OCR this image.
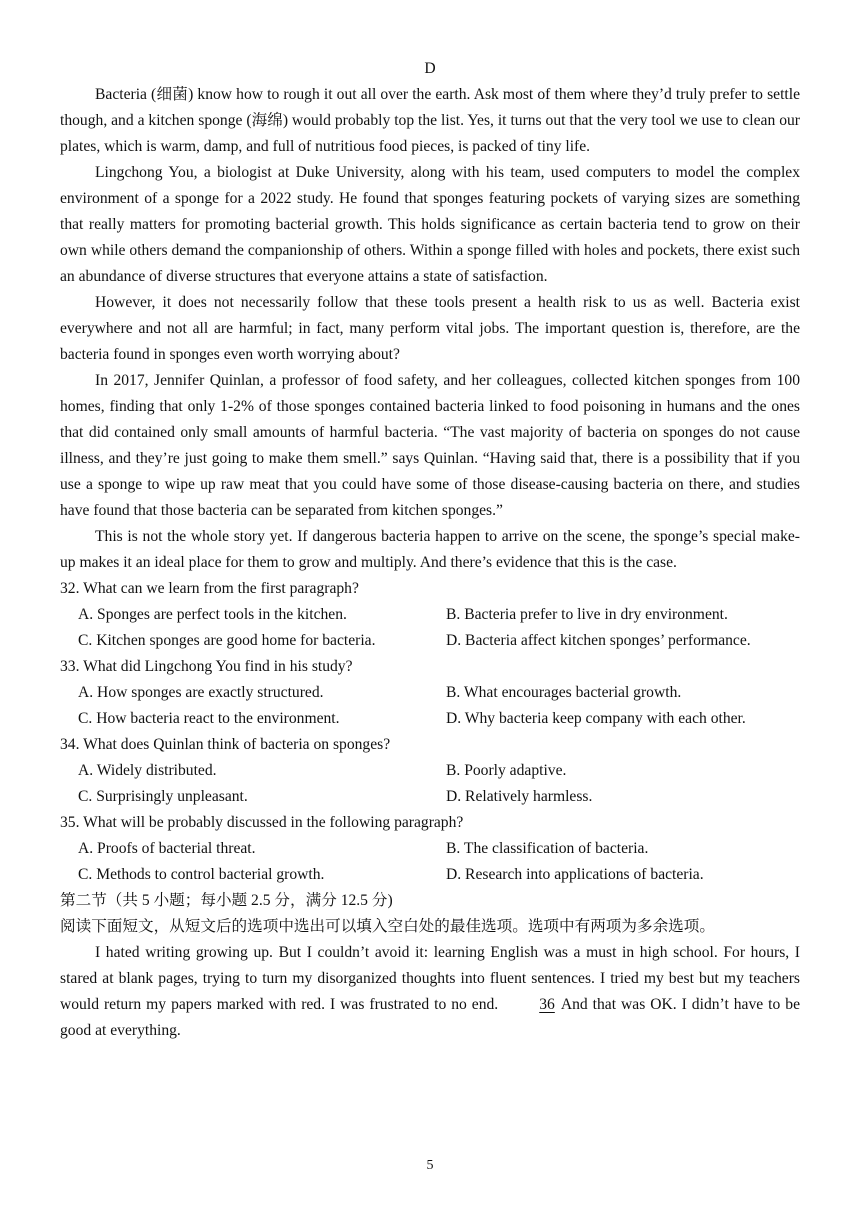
D

Bacteria (细菌) know how to rough it out all over the earth. Ask most of them where they’d truly prefer to settle though, and a kitchen sponge (海绵) would probably top the list. Yes, it turns out that the very tool we use to clean our plates, which is warm, damp, and full of nutritious food pieces, is packed of tiny life.

Lingchong You, a biologist at Duke University, along with his team, used computers to model the complex environment of a sponge for a 2022 study. He found that sponges featuring pockets of varying sizes are something that really matters for promoting bacterial growth. This holds significance as certain bacteria tend to grow on their own while others demand the companionship of others. Within a sponge filled with holes and pockets, there exist such an abundance of diverse structures that everyone attains a state of satisfaction.

However, it does not necessarily follow that these tools present a health risk to us as well. Bacteria exist everywhere and not all are harmful; in fact, many perform vital jobs. The important question is, therefore, are the bacteria found in sponges even worth worrying about?

In 2017, Jennifer Quinlan, a professor of food safety, and her colleagues, collected kitchen sponges from 100 homes, finding that only 1-2% of those sponges contained bacteria linked to food poisoning in humans and the ones that did contained only small amounts of harmful bacteria. “The vast majority of bacteria on sponges do not cause illness, and they’re just going to make them smell.” says Quinlan. “Having said that, there is a possibility that if you use a sponge to wipe up raw meat that you could have some of those disease-causing bacteria on there, and studies have found that those bacteria can be separated from kitchen sponges.”

This is not the whole story yet. If dangerous bacteria happen to arrive on the scene, the sponge’s special make-up makes it an ideal place for them to grow and multiply. And there’s evidence that this is the case.

32. What can we learn from the first paragraph?

A. Sponges are perfect tools in the kitchen.	B. Bacteria prefer to live in dry environment.
C. Kitchen sponges are good home for bacteria.	D. Bacteria affect kitchen sponges’ performance.

33. What did Lingchong You find in his study?

A. How sponges are exactly structured.	B. What encourages bacterial growth.
C. How bacteria react to the environment.	D. Why bacteria keep company with each other.

34. What does Quinlan think of bacteria on sponges?

A. Widely distributed.	B. Poorly adaptive.
C. Surprisingly unpleasant.	D. Relatively harmless.

35. What will be probably discussed in the following paragraph?

A. Proofs of bacterial threat.	B. The classification of bacteria.
C. Methods to control bacterial growth.	D. Research into applications of bacteria.

第二节（共 5 小题；每小题 2.5 分，满分 12.5 分)

阅读下面短文，从短文后的选项中选出可以填入空白处的最佳选项。选项中有两项为多余选项。

I hated writing growing up. But I couldn’t avoid it: learning English was a must in high school. For hours, I stared at blank pages, trying to turn my disorganized thoughts into fluent sentences. I tried my best but my teachers would return my papers marked with red. I was frustrated to no end.	36 And that was OK. I didn’t have to be good at everything.

5
